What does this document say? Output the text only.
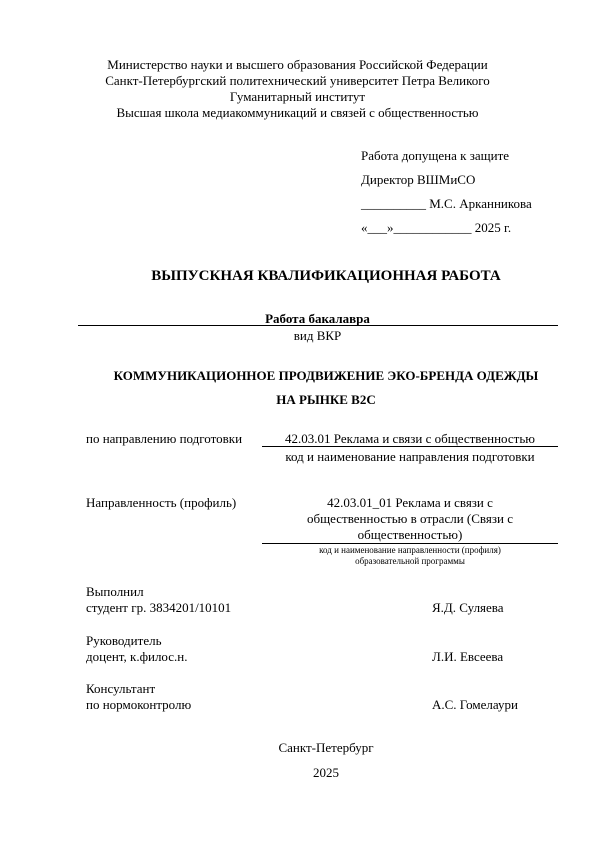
Министерство науки и высшего образования Российской Федерации
Санкт-Петербургский политехнический университет Петра Великого
Гуманитарный институт
Высшая школа медиакоммуникаций и связей с общественностью
Работа допущена к защите
Директор ВШМиСО
__________ М.С. Арканникова
«___»____________ 2025 г.
ВЫПУСКНАЯ КВАЛИФИКАЦИОННАЯ РАБОТА
Работа бакалавра
вид ВКР
КОММУНИКАЦИОННОЕ ПРОДВИЖЕНИЕ ЭКО-БРЕНДА ОДЕЖДЫ
НА РЫНКЕ B2C
по направлению подготовки	42.03.01 Реклама и связи с общественностью
код и наименование направления подготовки
Направленность (профиль)	42.03.01_01 Реклама и связи с
общественностью в отрасли (Связи с
общественностью)
код и наименование направленности (профиля)
образовательной программы
Выполнил
студент гр. 3834201/10101	Я.Д. Суляева
Руководитель
доцент, к.филос.н.	Л.И. Евсеева
Консультант
по нормоконтролю	А.С. Гомелаури
Санкт-Петербург
2025
